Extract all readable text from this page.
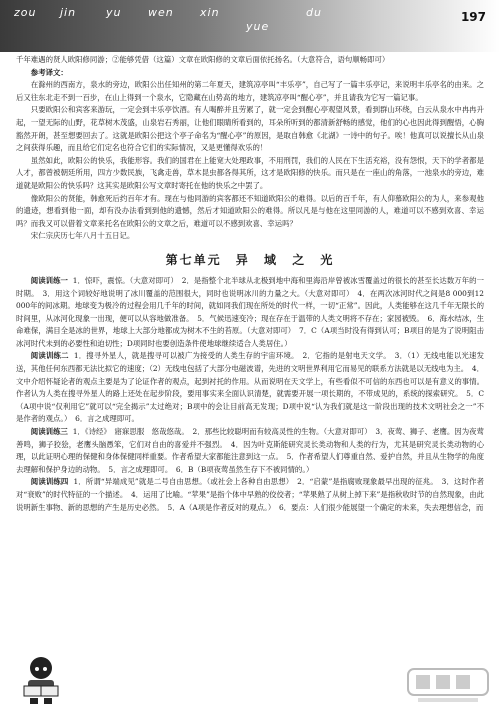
zou jin	yu wen xin
yue
du	197

千年难遇的贤人欧阳修同游；②能够凭借（这篇）文章在欧阳修的文章后面依托扬名。（大意符合，语句顺畅即可）

参考译文：

在滁州的西南方，泉水的旁边，欧阳公出任知州的第二年夏天，建筑凉亭叫“丰乐亭”，自己写了一篇丰乐亭记，来说明丰乐亭名的由来。之后又往东北走不到一百步，在山上得到一个泉水，它隐藏在山势高的地方，建筑凉亭叫“醒心亭”，并且请我为它写一篇记事。

只要欧阳公和宾客来游玩，一定会到丰乐亭饮酒。有人喝醉并且劳累了，就一定会到醒心亭观望风景，看到群山环绕，白云从泉水中冉冉升起，一望无际的山野，花草树木茂盛，山泉岩石秀丽，让他们眼睛所看到的，耳朵所听到的都清新舒畅的感觉，他们的心也因此得到醒悟，心胸豁然开朗，甚至想要回去了。这就是欧阳公把这个亭子命名为“醒心亭”的原因，是取自韩愈《北湖》一诗中的句子。唉！他真可以说擅长从山泉之间获得乐趣，而且给它们定名也符合它们的实际情况，又是更懂得欢乐的！

虽然如此，欧阳公的快乐，我能形容。我们的国君在上能宽大处理政事，不用刑罚，我们的人民在下生活充裕，没有怨恨，天下的学者都是人才，都曾被朝廷所用，四方少数民族，飞禽走兽，草木昆虫都各得其所，这才是欧阳修的快乐。而只是在一座山的角落，一池泉水的旁边，难道就是欧阳公的快乐吗？这其实是欧阳公写文章时寄托在他的快乐之中罢了。

像欧阳公的贤能，韩愈死后约百年才有。现在与他同游的宾客都还不知道欧阳公的难得。以后的百千年，有人仰慕欧阳公的为人，来参观他的遗迹，想看到他一面，却有没办法看到到他的遗憾，然后才知道欧阳公的难得。所以凡是与他在这里同游的人，难道可以不感到欢喜、幸运吗？而我又可以借着文章来托名在欧阳公的文章之后，难道可以不感到欢喜、幸运吗？

宋仁宗庆历七年八月十五日记。

第七单元 异 域 之 光

阅读训练一 1．惊吓，震惊。（大意对即可）　2．是指整个北半球从北极到地中海和里海沿岸曾被冰雪覆盖过的很长的甚至长达数万年的一时期。　3．用这个词较好地说明了冰川覆盖的范围很大，同时也说明冰川的力量之大。（大意对即可）　4．在两次冰河时代之间是8 000到12 000年的间冰期。地球变为极冷的过程会用几千年的时间，就如同我们现在所处的时代一样，一切“正常”。因此，人类能够在这几千年无限长的时间里，从冰河化现象一出现，便可以从容地做准备。　5．气候迅速变冷；现在存在于温带的人类文明将不存在；家园被毁。　6．海水结冰，生命难保，满目全是冰的世界，地球上大部分地都成为树木不生的苔原。（大意对即可）　7．C（A项当时没有得到认可；B项目的是为了说明阻击冰河时代未到的必要性和迫切性；D项同时也要创造条件使地球继续适合人类居住。）

阅读训练二 1．搜寻外星人，就是搜寻可以被广为接受的人类生存的宇宙环境。　2．它指的是射电天文学。　3．（1）无线电能以光速发送，其他任何东西都无法比拟它的速度；（2）无线电包括了大部分电磁波谱，先进的文明世界利用它而易见的联系方法就是以无线电为主。　4．文中介绍怀疑论者的观点主要是为了论证作者的观点，起到衬托的作用。从而说明在天文学上，有些看似不可信的东西也可以是有意义的事情。作者认为人类在搜寻外星人的路上还处在起步阶段，要用事实来全面认识清楚，就需要开展一项长期的，不带成见的，系统的探索研究。　5．C（A项中说“仅利用它”就可以“完全揭示”太过绝对；B项中的会让目前高无发现；D项中说“认为我们就是这一阶段出现的技术文明社会之一”不是作者的观点。）　6．言之成理即可。

阅读训练三 1．《诗经》　寤寐思服　悠哉悠哉。　2．那些比较聪明而有较高灵性的生物。（大意对即可）　3．夜莺、狮子、老鹰。因为夜莺善鸣，狮子狡狯，老鹰头脑愚笨，它们对自由的喜爱并不强烈。　4．因为叶克斯能研究灵长类动物和人类的行为，尤其是研究灵长类动物的心理，以此证明心理的保健和身体保健同样重要。作者希望大家都能注意到这一点。　5．作者希望人们尊重自然、爱护自然，并且从生物学的角度去理解和保护身边的动物。　5．言之成理即可。　6．B（B项夜莺虽然生存下不被同情的。）

阅读训练四 1．所谓“异端成见”就是二号自由思想。（或社会上各种自由思想）　2．“启蒙”是指腐败现象最早出现的征兆。　3．这时作者对“衰败”的时代特征的一个描述。　4．运用了比喻。“苹果”是指个体中早熟的佼佼者；“苹果熟了从树上掉下来”是指秋收时节的自然现象，由此说明新生事物、新的思想的产生是历史必然。　5．A（A项是作者反对的观点。）　6．要点：人们很少能展望一个确定的未来，失去理想信念，而
